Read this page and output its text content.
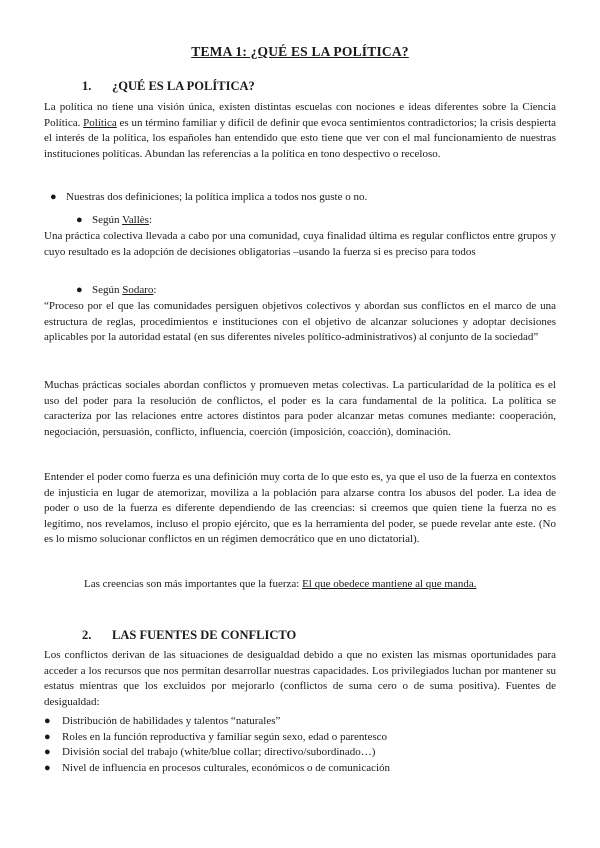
TEMA 1: ¿QUÉ ES LA POLÍTICA?
1. ¿QUÉ ES LA POLÍTICA?

La política no tiene una visión única, existen distintas escuelas con nociones e ideas diferentes sobre la Ciencia Política. Política es un término familiar y difícil de definir que evoca sentimientos contradictorios; la crisis despierta el interés de la política, los españoles han entendido que esto tiene que ver con el mal funcionamiento de nuestras instituciones políticas. Abundan las referencias a la política en tono despectivo o receloso.

● Nuestras dos definiciones; la política implica a todos nos guste o no.
● Según Vallès:

Una práctica colectiva llevada a cabo por una comunidad, cuya finalidad última es regular conflictos entre grupos y cuyo resultado es la adopción de decisiones obligatorias –usando la fuerza si es preciso para todos

● Según Sodaro:

“Proceso por el que las comunidades persiguen objetivos colectivos y abordan sus conflictos en el marco de una estructura de reglas, procedimientos e instituciones con el objetivo de alcanzar soluciones y adoptar decisiones aplicables por la autoridad estatal (en sus diferentes niveles político-administrativos) al conjunto de la sociedad”

Muchas prácticas sociales abordan conflictos y promueven metas colectivas. La particularidad de la política es el uso del poder para la resolución de conflictos, el poder es la cara fundamental de la política. La política se caracteriza por las relaciones entre actores distintos para poder alcanzar metas comunes mediante: cooperación, negociación, persuasión, conflicto, influencia, coerción (imposición, coacción), dominación.

Entender el poder como fuerza es una definición muy corta de lo que esto es, ya que el uso de la fuerza en contextos de injusticia en lugar de atemorizar, moviliza a la población para alzarse contra los abusos del poder. La idea de poder o uso de la fuerza es diferente dependiendo de las creencias: si creemos que quien tiene la fuerza no es legítimo, nos revelamos, incluso el propio ejército, que es la herramienta del poder, se puede revelar ante este. (No es lo mismo solucionar conflictos en un régimen democrático que en uno dictatorial).

Las creencias son más importantes que la fuerza: El que obedece mantiene al que manda.
2. LAS FUENTES DE CONFLICTO

Los conflictos derivan de las situaciones de desigualdad debido a que no existen las mismas oportunidades para acceder a los recursos que nos permitan desarrollar nuestras capacidades. Los privilegiados luchan por mantener su estatus mientras que los excluidos por mejorarlo (conflictos de suma cero o de suma positiva). Fuentes de desigualdad:

● Distribución de habilidades y talentos “naturales”
● Roles en la función reproductiva y familiar según sexo, edad o parentesco
● División social del trabajo (white/blue collar; directivo/subordinado…)
● Nivel de influencia en procesos culturales, económicos o de comunicación
